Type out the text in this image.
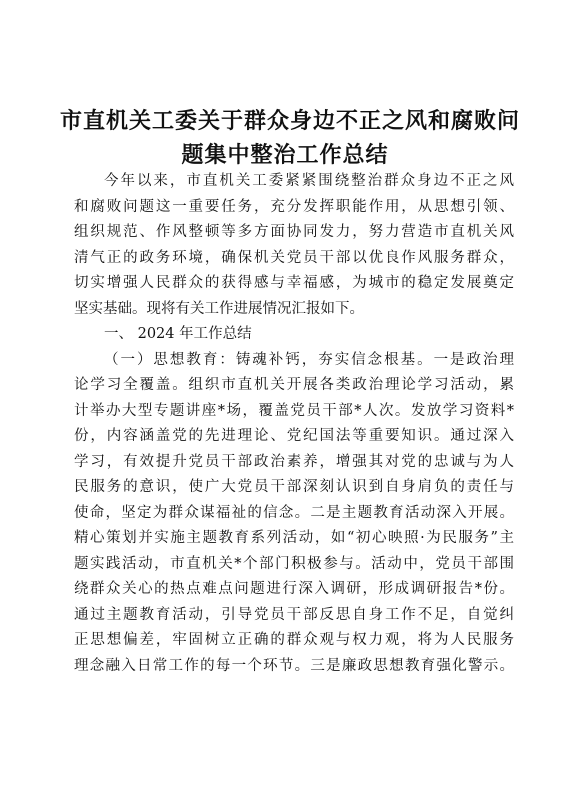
市直机关工委关于群众身边不正之风和腐败问
题集中整治工作总结
今年以来，市直机关工委紧紧围绕整治群众身边不正之风
和腐败问题这一重要任务，充分发挥职能作用，从思想引领、
组织规范、作风整顿等多方面协同发力，努力营造市直机关风
清气正的政务环境，确保机关党员干部以优良作风服务群众，
切实增强人民群众的获得感与幸福感，为城市的稳定发展奠定
坚实基础。现将有关工作进展情况汇报如下。
一、 2024 年工作总结
（一）思想教育：铸魂补钙，夯实信念根基。一是政治理
论学习全覆盖。组织市直机关开展各类政治理论学习活动，累
计举办大型专题讲座*场，覆盖党员干部*人次。发放学习资料*
份，内容涵盖党的先进理论、党纪国法等重要知识。通过深入
学习，有效提升党员干部政治素养，增强其对党的忠诚与为人
民服务的意识，使广大党员干部深刻认识到自身肩负的责任与
使命，坚定为群众谋福祉的信念。二是主题教育活动深入开展。
精心策划并实施主题教育系列活动，如“初心映照·为民服务”主
题实践活动，市直机关*个部门积极参与。活动中，党员干部围
绕群众关心的热点难点问题进行深入调研，形成调研报告*份。
通过主题教育活动，引导党员干部反思自身工作不足，自觉纠
正思想偏差，牢固树立正确的群众观与权力观，将为人民服务
理念融入日常工作的每一个环节。三是廉政思想教育强化警示。
